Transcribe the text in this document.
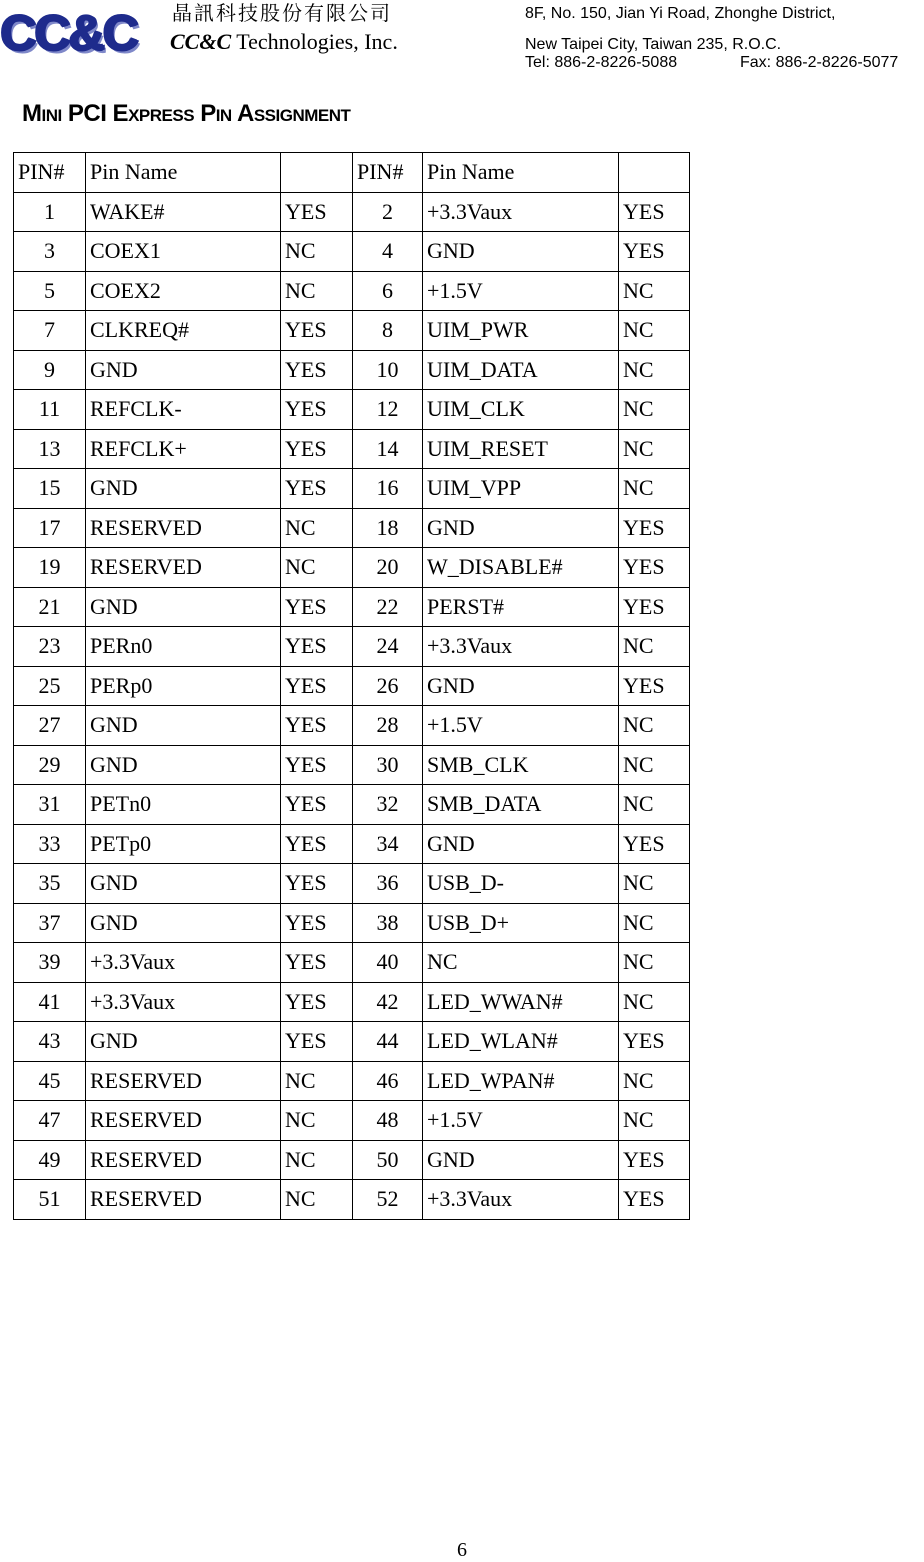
CC&C	晶訊科技股份有限公司
CC&C Technologies, Inc.
8F, No. 150, Jian Yi Road, Zhonghe District,
New Taipei City, Taiwan 235, R.O.C.
Tel: 886-2-8226-5088	Fax: 886-2-8226-5077
Mini PCI Express Pin Assignment
PIN#	Pin Name		PIN#	Pin Name	
1	WAKE#	YES	2	+3.3Vaux	YES
3	COEX1	NC	4	GND	YES
5	COEX2	NC	6	+1.5V	NC
7	CLKREQ#	YES	8	UIM_PWR	NC
9	GND	YES	10	UIM_DATA	NC
11	REFCLK-	YES	12	UIM_CLK	NC
13	REFCLK+	YES	14	UIM_RESET	NC
15	GND	YES	16	UIM_VPP	NC
17	RESERVED	NC	18	GND	YES
19	RESERVED	NC	20	W_DISABLE#	YES
21	GND	YES	22	PERST#	YES
23	PERn0	YES	24	+3.3Vaux	NC
25	PERp0	YES	26	GND	YES
27	GND	YES	28	+1.5V	NC
29	GND	YES	30	SMB_CLK	NC
31	PETn0	YES	32	SMB_DATA	NC
33	PETp0	YES	34	GND	YES
35	GND	YES	36	USB_D-	NC
37	GND	YES	38	USB_D+	NC
39	+3.3Vaux	YES	40	NC	NC
41	+3.3Vaux	YES	42	LED_WWAN#	NC
43	GND	YES	44	LED_WLAN#	YES
45	RESERVED	NC	46	LED_WPAN#	NC
47	RESERVED	NC	48	+1.5V	NC
49	RESERVED	NC	50	GND	YES
51	RESERVED	NC	52	+3.3Vaux	YES
6
